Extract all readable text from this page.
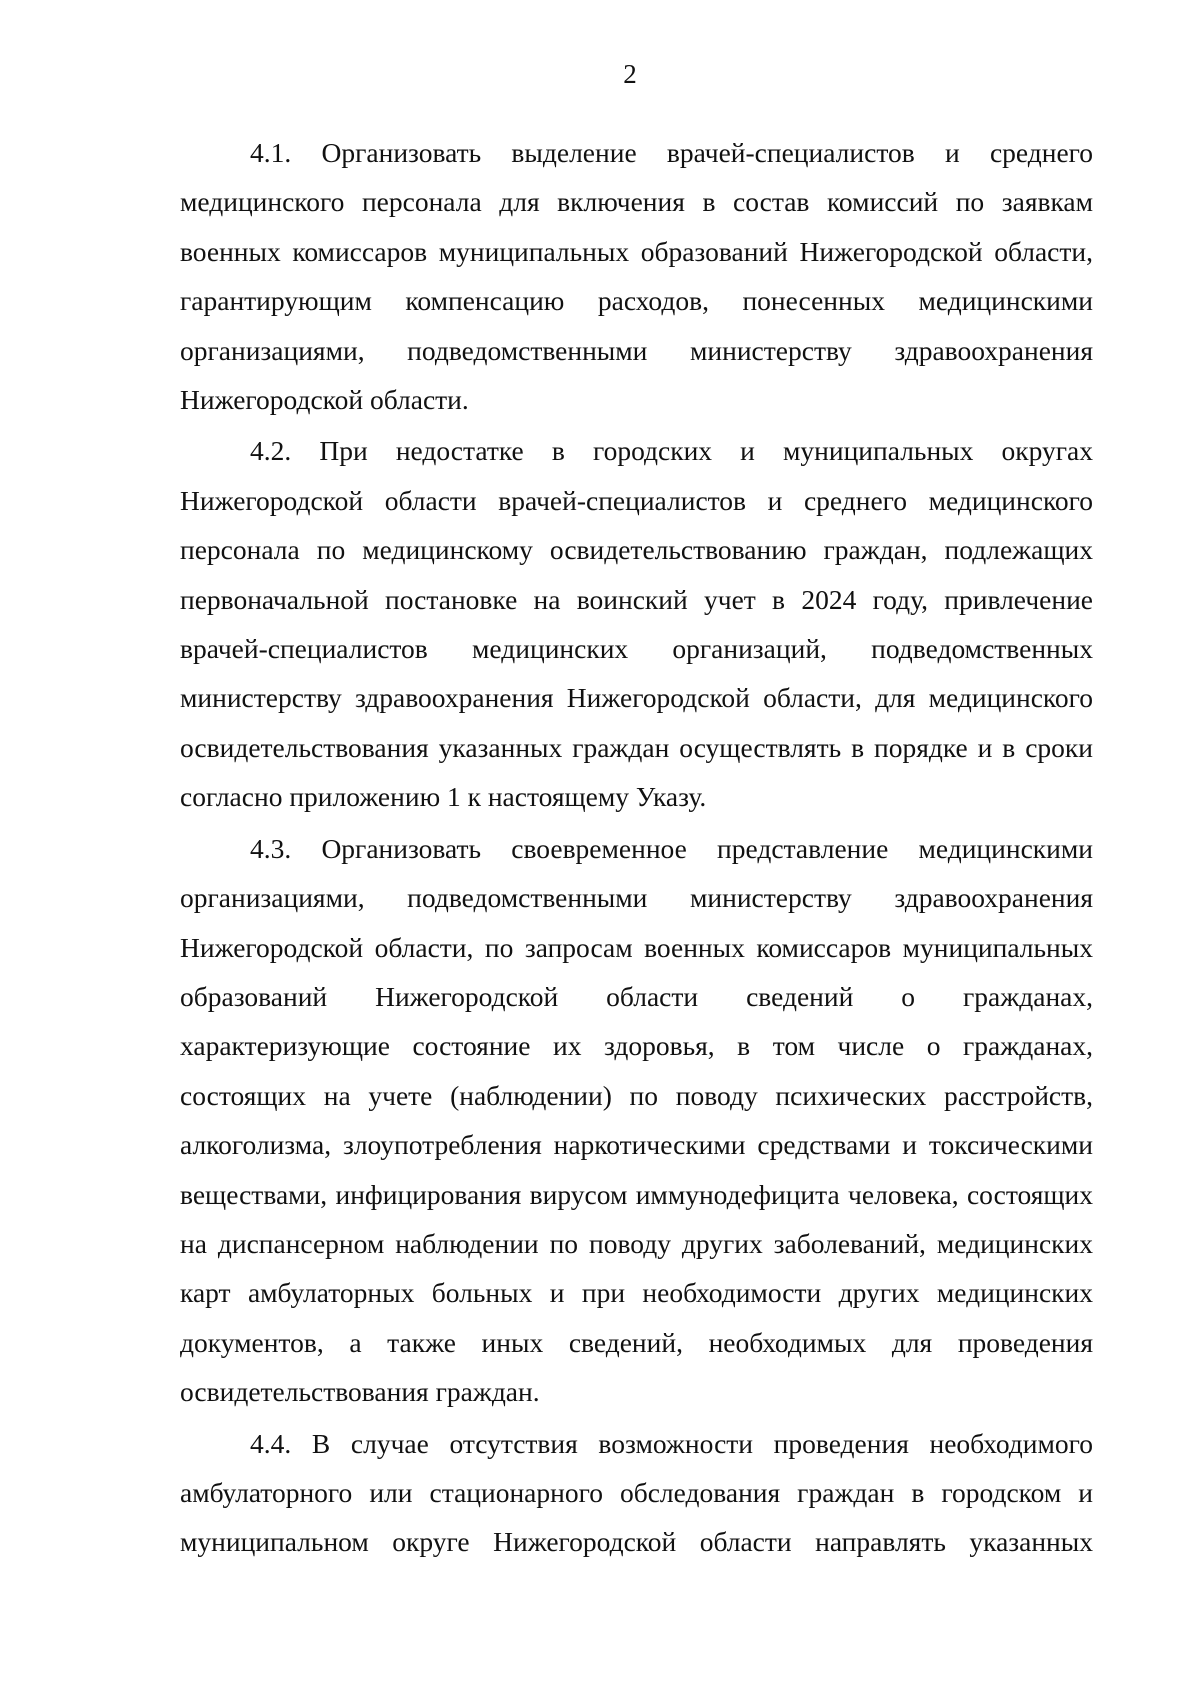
2

4.1. Организовать выделение врачей-специалистов и среднего медицинского персонала для включения в состав комиссий по заявкам военных комиссаров муниципальных образований Нижегородской области, гарантирующим компенсацию расходов, понесенных медицинскими организациями, подведомственными министерству здравоохранения Нижегородской области.

4.2. При недостатке в городских и муниципальных округах Нижегородской области врачей-специалистов и среднего медицинского персонала по медицинскому освидетельствованию граждан, подлежащих первоначальной постановке на воинский учет в 2024 году, привлечение врачей-специалистов медицинских организаций, подведомственных министерству здравоохранения Нижегородской области, для медицинского освидетельствования указанных граждан осуществлять в порядке и в сроки согласно приложению 1 к настоящему Указу.

4.3. Организовать своевременное представление медицинскими организациями, подведомственными министерству здравоохранения Нижегородской области, по запросам военных комиссаров муниципальных образований Нижегородской области сведений о гражданах, характеризующие состояние их здоровья, в том числе о гражданах, состоящих на учете (наблюдении) по поводу психических расстройств, алкоголизма, злоупотребления наркотическими средствами и токсическими веществами, инфицирования вирусом иммунодефицита человека, состоящих на диспансерном наблюдении по поводу других заболеваний, медицинских карт амбулаторных больных и при необходимости других медицинских документов, а также иных сведений, необходимых для проведения освидетельствования граждан.

4.4. В случае отсутствия возможности проведения необходимого амбулаторного или стационарного обследования граждан в городском и муниципальном округе Нижегородской области направлять указанных
